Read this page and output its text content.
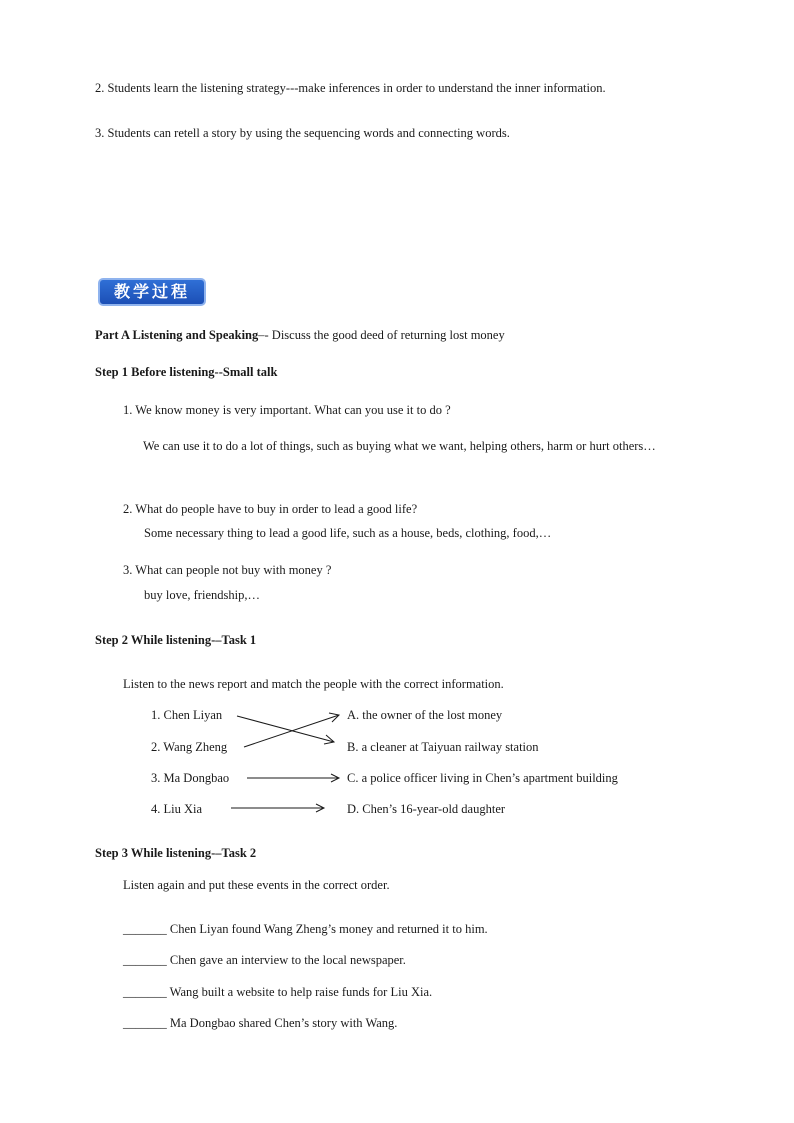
2. Students learn the listening strategy---make inferences in order to understand the inner information.
3. Students can retell a story by using the sequencing words and connecting words.
教学过程
Part A Listening and Speaking–- Discuss the good deed of returning lost money
Step 1 Before listening--Small talk
1. We know money is very important. What can you use it to do ?
We can use it to do a lot of things, such as buying what we want, helping others, harm or hurt others…
2. What do people have to buy in order to lead a good life?
Some necessary thing to lead a good life, such as a house, beds, clothing, food,…
3. What can people not buy with money ?
buy love, friendship,…
Step 2 While listening-–Task 1
Listen to the news report and match the people with the correct information.
1. Chen Liyan
2. Wang Zheng
3. Ma Dongbao
4. Liu Xia
A. the owner of the lost money
B. a cleaner at Taiyuan railway station
C. a police officer living in Chen’s apartment building
D. Chen’s 16-year-old daughter
Step 3 While listening-–Task 2
Listen again and put these events in the correct order.
_______ Chen Liyan found Wang Zheng’s money and returned it to him.
_______ Chen gave an interview to the local newspaper.
_______ Wang built a website to help raise funds for Liu Xia.
_______ Ma Dongbao shared Chen’s story with Wang.
